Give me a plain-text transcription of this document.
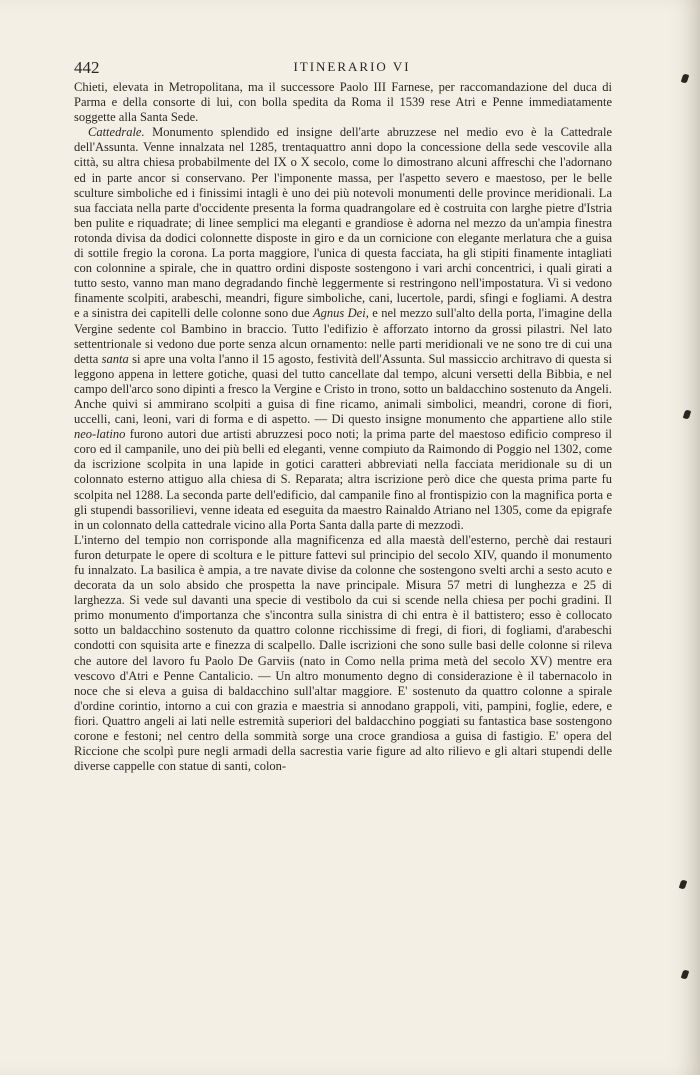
442	ITINERARIO VI

Chieti, elevata in Metropolitana, ma il successore Paolo III Farnese, per raccomandazione del duca di Parma e della consorte di lui, con bolla spedita da Roma il 1539 rese Atri e Penne immediatamente soggette alla Santa Sede.

Cattedrale. Monumento splendido ed insigne dell'arte abruzzese nel medio evo è la Cattedrale dell'Assunta. Venne innalzata nel 1285, trentaquattro anni dopo la concessione della sede vescovile alla città, su altra chiesa probabilmente del IX o X secolo, come lo dimostrano alcuni affreschi che l'adornano ed in parte ancor si conservano. Per l'imponente massa, per l'aspetto severo e maestoso, per le belle sculture simboliche ed i finissimi intagli è uno dei più notevoli monumenti delle province meridionali. La sua facciata nella parte d'occidente presenta la forma quadrangolare ed è costruita con larghe pietre d'Istria ben pulite e riquadrate; di linee semplici ma eleganti e grandiose è adorna nel mezzo da un'ampia finestra rotonda divisa da dodici colonnette disposte in giro e da un cornicione con elegante merlatura che a guisa di sottile fregio la corona. La porta maggiore, l'unica di questa facciata, ha gli stipiti finamente intagliati con colonnine a spirale, che in quattro ordini disposte sostengono i vari archi concentrici, i quali girati a tutto sesto, vanno man mano degradando finchè leggermente si restringono nell'impostatura. Vi si vedono finamente scolpiti, arabeschi, meandri, figure simboliche, cani, lucertole, pardi, sfingi e fogliami. A destra e a sinistra dei capitelli delle colonne sono due Agnus Dei, e nel mezzo sull'alto della porta, l'imagine della Vergine sedente col Bambino in braccio. Tutto l'edifizio è afforzato intorno da grossi pilastri. Nel lato settentrionale si vedono due porte senza alcun ornamento: nelle parti meridionali ve ne sono tre di cui una detta santa si apre una volta l'anno il 15 agosto, festività dell'Assunta. Sul massiccio architravo di questa si leggono appena in lettere gotiche, quasi del tutto cancellate dal tempo, alcuni versetti della Bibbia, e nel campo dell'arco sono dipinti a fresco la Vergine e Cristo in trono, sotto un baldacchino sostenuto da Angeli. Anche quivi si ammirano scolpiti a guisa di fine ricamo, animali simbolici, meandri, corone di fiori, uccelli, cani, leoni, vari di forma e di aspetto. — Di questo insigne monumento che appartiene allo stile neo-latino furono autori due artisti abruzzesi poco noti; la prima parte del maestoso edificio compreso il coro ed il campanile, uno dei più belli ed eleganti, venne compiuto da Raimondo di Poggio nel 1302, come da iscrizione scolpita in una lapide in gotici caratteri abbreviati nella facciata meridionale su di un colonnato esterno attiguo alla chiesa di S. Reparata; altra iscrizione però dice che questa prima parte fu scolpita nel 1288. La seconda parte dell'edificio, dal campanile fino al frontispizio con la magnifica porta e gli stupendi bassorilievi, venne ideata ed eseguita da maestro Rainaldo Atriano nel 1305, come da epigrafe in un colonnato della cattedrale vicino alla Porta Santa dalla parte di mezzodì.

L'interno del tempio non corrisponde alla magnificenza ed alla maestà dell'esterno, perchè dai restauri furon deturpate le opere di scoltura e le pitture fattevi sul principio del secolo XIV, quando il monumento fu innalzato. La basilica è ampia, a tre navate divise da colonne che sostengono svelti archi a sesto acuto e decorata da un solo absido che prospetta la nave principale. Misura 57 metri di lunghezza e 25 di larghezza. Si vede sul davanti una specie di vestibolo da cui si scende nella chiesa per pochi gradini. Il primo monumento d'importanza che s'incontra sulla sinistra di chi entra è il battistero; esso è collocato sotto un baldacchino sostenuto da quattro colonne ricchissime di fregi, di fiori, di fogliami, d'arabeschi condotti con squisita arte e finezza di scalpello. Dalle iscrizioni che sono sulle basi delle colonne si rileva che autore del lavoro fu Paolo De Garviis (nato in Como nella prima metà del secolo XV) mentre era vescovo d'Atri e Penne Cantalicio. — Un altro monumento degno di considerazione è il tabernacolo in noce che si eleva a guisa di baldacchino sull'altar maggiore. E' sostenuto da quattro colonne a spirale d'ordine corintio, intorno a cui con grazia e maestria si annodano grappoli, viti, pampini, foglie, edere, e fiori. Quattro angeli ai lati nelle estremità superiori del baldacchino poggiati su fantastica base sostengono corone e festoni; nel centro della sommità sorge una croce grandiosa a guisa di fastigio. E' opera del Riccione che scolpì pure negli armadi della sacrestia varie figure ad alto rilievo e gli altari stupendi delle diverse cappelle con statue di santi, colon-
